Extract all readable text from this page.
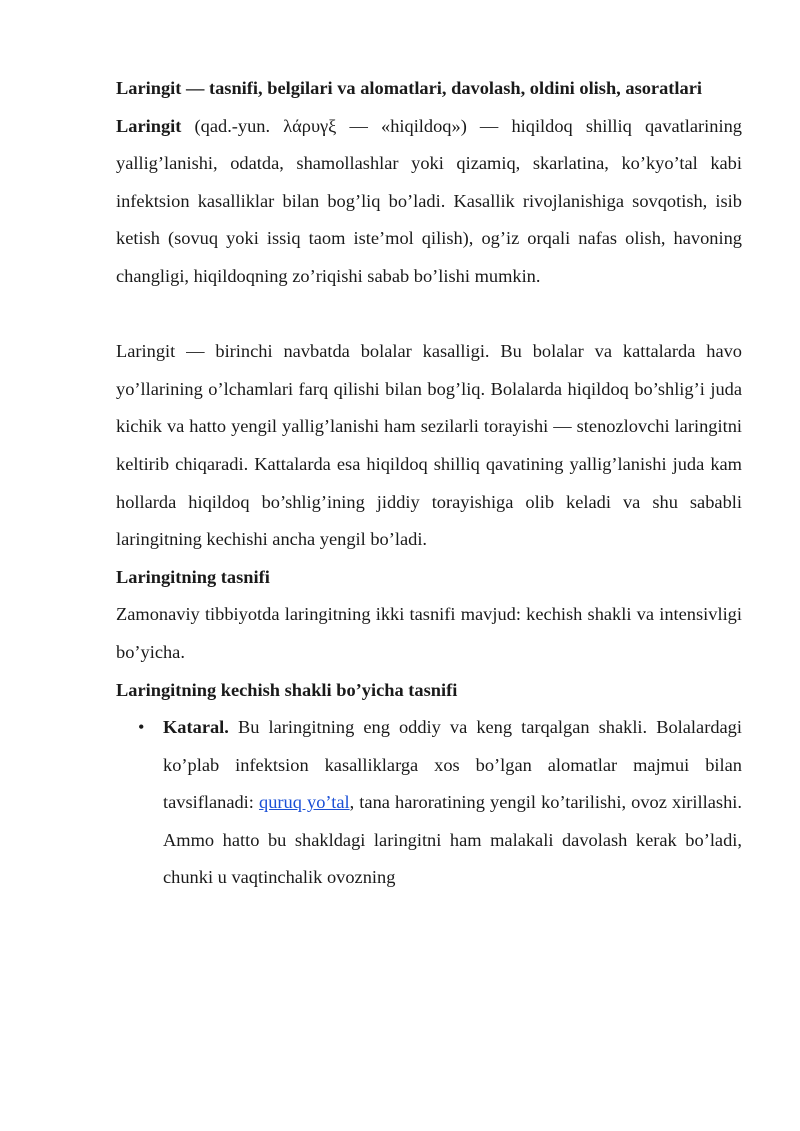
Laringit — tasnifi, belgilari va alomatlari, davolash, oldini olish, asoratlari

Laringit (qad.-yun. λάρυγξ — «hiqildoq») — hiqildoq shilliq qavatlarining yallig’lanishi, odatda, shamollashlar yoki qizamiq, skarlatina, ko’kyo’tal kabi infektsion kasalliklar bilan bog’liq bo’ladi. Kasallik rivojlanishiga sovqotish, isib ketish (sovuq yoki issiq taom iste’mol qilish), og’iz orqali nafas olish, havoning changligi, hiqildoqning zo’riqishi sabab bo’lishi mumkin.

Laringit — birinchi navbatda bolalar kasalligi. Bu bolalar va kattalarda havo yo’llarining o’lchamlari farq qilishi bilan bog’liq. Bolalarda hiqildoq bo’shlig’i juda kichik va hatto yengil yallig’lanishi ham sezilarli torayishi — stenozlovchi laringitni keltirib chiqaradi. Kattalarda esa hiqildoq shilliq qavatining yallig’lanishi juda kam hollarda hiqildoq bo’shlig’ining jiddiy torayishiga olib keladi va shu sababli laringitning kechishi ancha yengil bo’ladi.

Laringitning tasnifi

Zamonaviy tibbiyotda laringitning ikki tasnifi mavjud: kechish shakli va intensivligi bo’yicha.

Laringitning kechish shakli bo’yicha tasnifi

• Kataral. Bu laringitning eng oddiy va keng tarqalgan shakli. Bolalardagi ko’plab infektsion kasalliklarga xos bo’lgan alomatlar majmui bilan tavsiflanadi: quruq yo’tal, tana haroratining yengil ko’tarilishi, ovoz xirillashi. Ammo hatto bu shakldagi laringitni ham malakali davolash kerak bo’ladi, chunki u vaqtinchalik ovozning
